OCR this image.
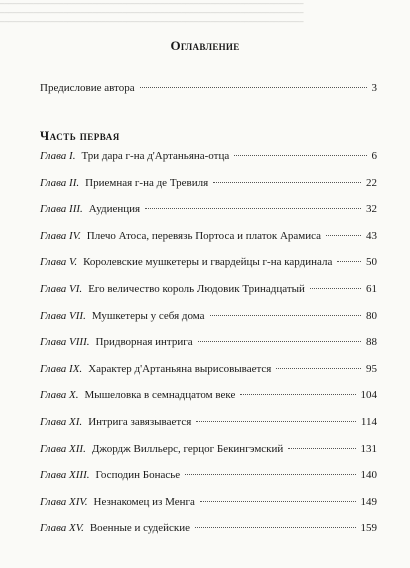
━━━━━━━━━━━━━━━━━━━━━━━━━━━━━━━━━━━━━━━━━━━━━━━━━━━━━━━━━━━━━━━━━━━━━━━━
━━━━━━━━━━━━━━━━━━━━━━━━━━━━━━━━━━━━━━━━━━━━━━━━━━━━━━━━━━━━━━━━━━━━━━━━
━━━━━━━━━━━━━━━━━━━━━━━━━━━━━━━━━━━━━━━━━━━━━━━━━━━━━━━━━━━━━━━━━━━━━━━━
Оглавление
Предисловие автора	3
Часть первая
Глава I. Три дара г-на д'Артаньяна-отца	6
Глава II. Приемная г-на де Тревиля	22
Глава III. Аудиенция	32
Глава IV. Плечо Атоса, перевязь Портоса и платок Арамиса	43
Глава V. Королевские мушкетеры и гвардейцы г-на кардинала	50
Глава VI. Его величество король Людовик Тринадцатый	61
Глава VII. Мушкетеры у себя дома	80
Глава VIII. Придворная интрига	88
Глава IX. Характер д'Артаньяна вырисовывается	95
Глава X. Мышеловка в семнадцатом веке	104
Глава XI. Интрига завязывается	114
Глава XII. Джордж Вилльерс, герцог Бекингэмский	131
Глава XIII. Господин Бонасье	140
Глава XIV. Незнакомец из Менга	149
Глава XV. Военные и судейские	159
